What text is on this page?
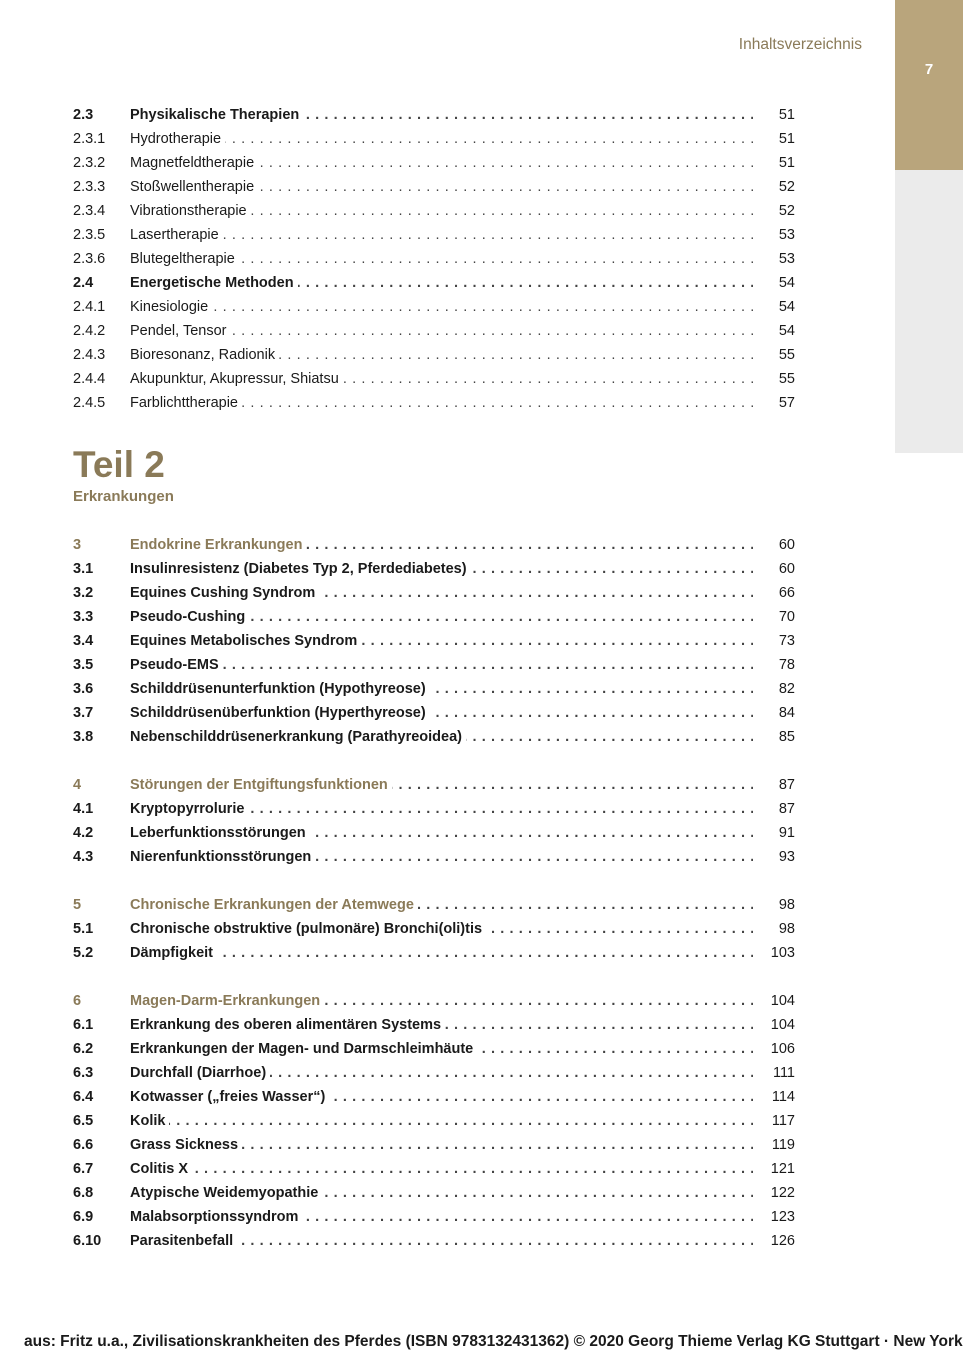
7
Inhaltsverzeichnis
2.3	Physikalische Therapien . . .	51
2.3.1 Hydrotherapie . . .	51
2.3.2 Magnetfeldtherapie . . .	51
2.3.3 Stoßwellentherapie . . .	52
2.3.4 Vibrationstherapie . . .	52
2.3.5 Lasertherapie . . .	53
2.3.6 Blutegeltherapie . . .	53
2.4	Energetische Methoden . . .	54
2.4.1 Kinesiologie . . .	54
2.4.2 Pendel, Tensor . . .	54
2.4.3 Bioresonanz, Radionik . . .	55
2.4.4 Akupunktur, Akupressur, Shiatsu . . .	55
2.4.5 Farblichttherapie . . .	57
Teil 2
Erkrankungen
3	Endokrine Erkrankungen . . .	60
3.1	Insulinresistenz (Diabetes Typ 2, Pferdediabetes) . . .	60
3.2	Equines Cushing Syndrom . . .	66
3.3	Pseudo-Cushing . . .	70
3.4	Equines Metabolisches Syndrom . . .	73
3.5	Pseudo-EMS . . .	78
3.6	Schilddrüsenunterfunktion (Hypothyreose) . . .	82
3.7	Schilddrüsenüberfunktion (Hyperthyreose) . . .	84
3.8	Nebenschilddrüsenerkrankung (Parathyreoidea) . . .	85
4	Störungen der Entgiftungsfunktionen . . .	87
4.1	Kryptopyrrolurie . . .	87
4.2	Leberfunktionsstörungen . . .	91
4.3	Nierenfunktionsstörungen . . .	93
5	Chronische Erkrankungen der Atemwege . . .	98
5.1	Chronische obstruktive (pulmonäre) Bronchi(oli)tis . . .	98
5.2	Dämpfigkeit . . .	103
6	Magen-Darm-Erkrankungen . . .	104
6.1	Erkrankung des oberen alimentären Systems . . .	104
6.2	Erkrankungen der Magen- und Darmschleimhäute . . .	106
6.3	Durchfall (Diarrhoe) . . .	111
6.4	Kotwasser („freies Wasser“) . . .	114
6.5	Kolik . . .	117
6.6	Grass Sickness . . .	119
6.7	Colitis X . . .	121
6.8	Atypische Weidemyopathie . . .	122
6.9	Malabsorptionssyndrom . . .	123
6.10 Parasitenbefall . . .	126
aus: Fritz u.a., Zivilisationskrankheiten des Pferdes (ISBN 9783132431362) © 2020 Georg Thieme Verlag KG Stuttgart · New York
